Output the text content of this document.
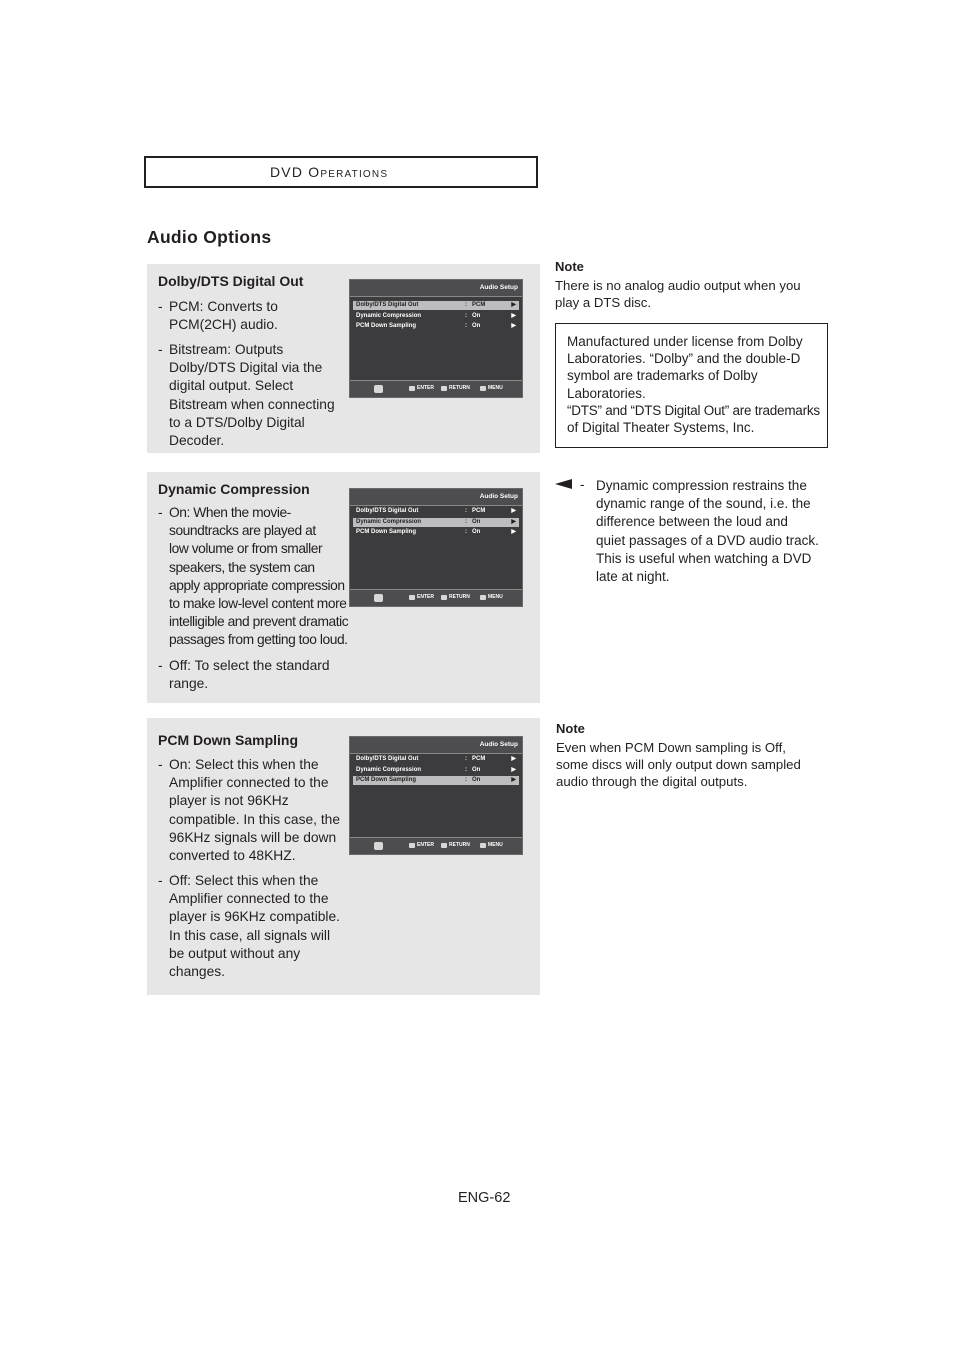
DVD Operations
Audio Options
Dolby/DTS Digital Out
- PCM: Converts to
PCM(2CH) audio.
- Bitstream: Outputs
Dolby/DTS Digital via the
digital output. Select
Bitstream when connecting
to a DTS/Dolby Digital
Decoder.
Dynamic Compression
- On: When the movie-
soundtracks are played at
low volume or from smaller
speakers, the system can
apply appropriate compression
to make low-level content more
intelligible and prevent dramatic
passages from getting too loud.
- Off: To select the standard
range.
PCM Down Sampling
- On: Select this when the
Amplifier connected to the
player is not 96KHz
compatible. In this case, the
96KHz signals will be down
converted to 48KHZ.
- Off: Select this when the
Amplifier connected to the
player is 96KHz compatible.
In this case, all signals will
be output without any
changes.
Audio Setup
Dolby/DTS Digital Out	: PCM	▶
Dynamic Compression	: On	▶
PCM Down Sampling	: On	▶
ENTER	RETURN	MENU
Audio Setup
Dolby/DTS Digital Out	: PCM	▶
Dynamic Compression	: On	▶
PCM Down Sampling	: On	▶
ENTER	RETURN	MENU
Audio Setup
Dolby/DTS Digital Out	: PCM	▶
Dynamic Compression	: On	▶
PCM Down Sampling	: On	▶
ENTER	RETURN	MENU
Note
There is no analog audio output when you
play a DTS disc.
Manufactured under license from Dolby
Laboratories. “Dolby” and the double-D
symbol are trademarks of Dolby
Laboratories.
“DTS” and “DTS Digital Out” are trademarks
of Digital Theater Systems, Inc.
- Dynamic compression restrains the
dynamic range of the sound, i.e. the
difference between the loud and
quiet passages of a DVD audio track.
This is useful when watching a DVD
late at night.
Note
Even when PCM Down sampling is Off,
some discs will only output down sampled
audio through the digital outputs.
ENG-62
